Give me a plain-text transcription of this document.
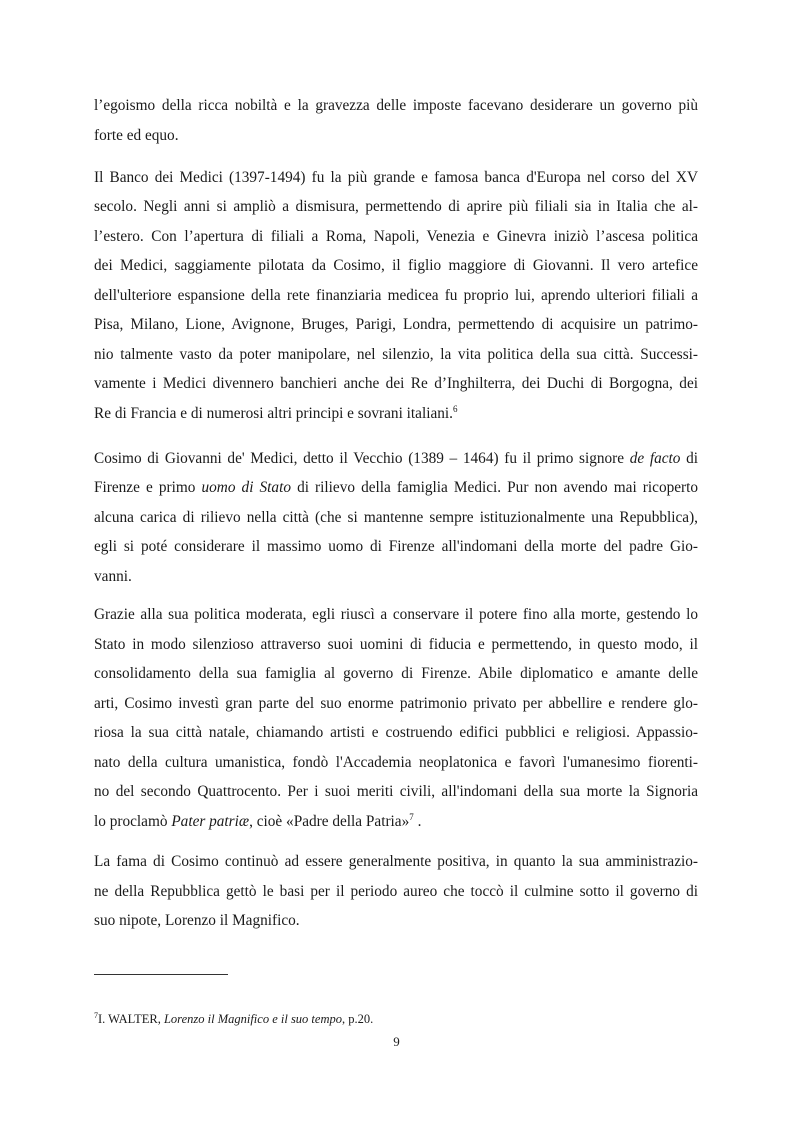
l’egoismo della ricca nobiltà e la gravezza delle imposte facevano desiderare un governo più
forte ed equo.
Il Banco dei Medici (1397-1494) fu la più grande e famosa banca d'Europa nel corso del XV
secolo. Negli anni si ampliò a dismisura, permettendo di aprire più filiali sia in Italia che al-
l’estero. Con l’apertura di filiali a Roma, Napoli, Venezia e Ginevra iniziò l’ascesa politica
dei Medici, saggiamente pilotata da Cosimo, il figlio maggiore di Giovanni. Il vero artefice
dell'ulteriore espansione della rete finanziaria medicea fu proprio lui, aprendo ulteriori filiali a
Pisa, Milano, Lione, Avignone, Bruges, Parigi, Londra, permettendo di acquisire un patrimo-
nio talmente vasto da poter manipolare, nel silenzio, la vita politica della sua città. Successi-
vamente i Medici divennero banchieri anche dei Re d’Inghilterra, dei Duchi di Borgogna, dei
Re di Francia e di numerosi altri principi e sovrani italiani.$^6$
Cosimo di Giovanni de' Medici, detto il Vecchio (1389 – 1464) fu il primo signore de facto di
Firenze e primo uomo di Stato di rilievo della famiglia Medici. Pur non avendo mai ricoperto
alcuna carica di rilievo nella città (che si mantenne sempre istituzionalmente una Repubblica),
egli si poté considerare il massimo uomo di Firenze all'indomani della morte del padre Gio-
vanni.
Grazie alla sua politica moderata, egli riuscì a conservare il potere fino alla morte, gestendo lo
Stato in modo silenzioso attraverso suoi uomini di fiducia e permettendo, in questo modo, il
consolidamento della sua famiglia al governo di Firenze. Abile diplomatico e amante delle
arti, Cosimo investì gran parte del suo enorme patrimonio privato per abbellire e rendere glo-
riosa la sua città natale, chiamando artisti e costruendo edifici pubblici e religiosi. Appassio-
nato della cultura umanistica, fondò l'Accademia neoplatonica e favorì l'umanesimo fiorenti-
no del secondo Quattrocento. Per i suoi meriti civili, all'indomani della sua morte la Signoria
lo proclamò Pater patriæ, cioè «Padre della Patria»$^7$ .
La fama di Cosimo continuò ad essere generalmente positiva, in quanto la sua amministrazio-
ne della Repubblica gettò le basi per il periodo aureo che toccò il culmine sotto il governo di
suo nipote, Lorenzo il Magnifico.
$^7$I. WALTER, Lorenzo il Magnifico e il suo tempo, p.20.
9
